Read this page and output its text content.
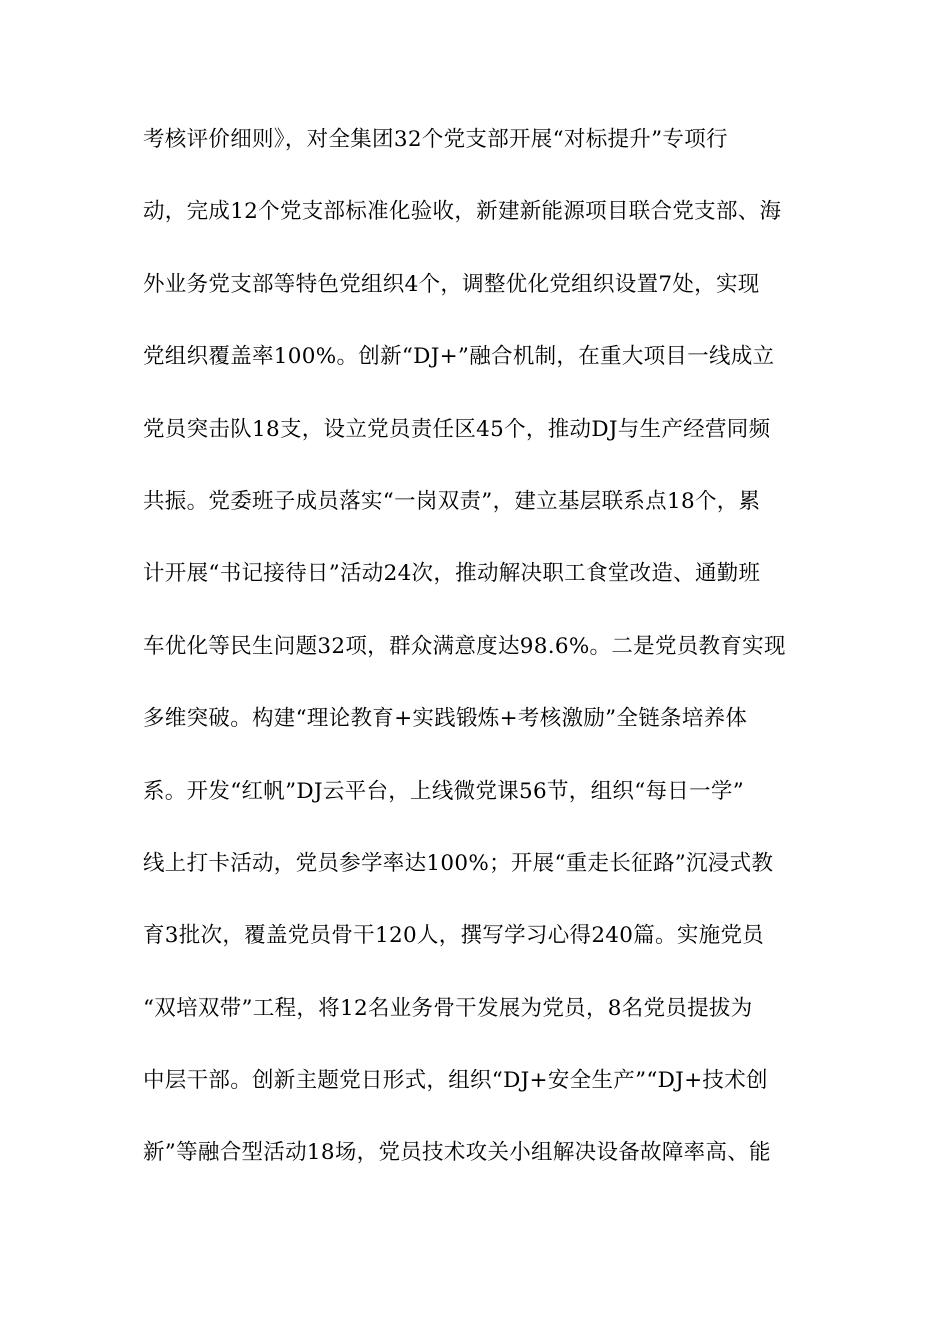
考核评价细则》，对全集团32个党支部开展“对标提升”专项行
动，完成12个党支部标准化验收，新建新能源项目联合党支部、海
外业务党支部等特色党组织4个，调整优化党组织设置7处，实现
党组织覆盖率100%。创新“DJ+”融合机制，在重大项目一线成立
党员突击队18支，设立党员责任区45个，推动DJ与生产经营同频
共振。党委班子成员落实“一岗双责”，建立基层联系点18个，累
计开展“书记接待日”活动24次，推动解决职工食堂改造、通勤班
车优化等民生问题32项，群众满意度达98.6%。二是党员教育实现
多维突破。构建“理论教育+实践锻炼+考核激励”全链条培养体
系。开发“红帆”DJ云平台，上线微党课56节，组织“每日一学”
线上打卡活动，党员参学率达100%；开展“重走长征路”沉浸式教
育3批次，覆盖党员骨干120人，撰写学习心得240篇。实施党员
“双培双带”工程，将12名业务骨干发展为党员，8名党员提拔为
中层干部。创新主题党日形式，组织“DJ+安全生产”“DJ+技术创
新”等融合型活动18场，党员技术攻关小组解决设备故障率高、能
